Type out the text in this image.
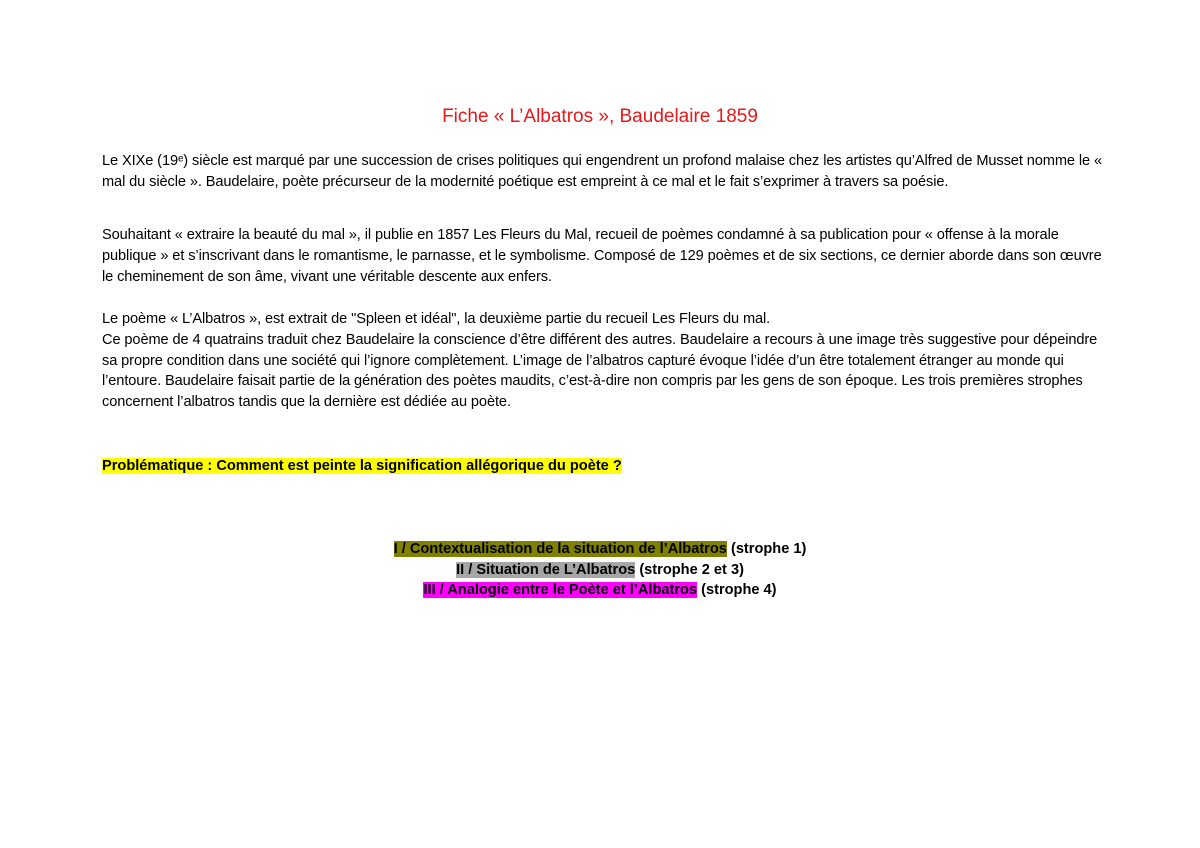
Fiche « L’Albatros », Baudelaire 1859
Le XIXe (19ᵉ) siècle est marqué par une succession de crises politiques qui engendrent un profond malaise chez les artistes qu’Alfred de Musset nomme le « mal du siècle ». Baudelaire, poète précurseur de la modernité poétique est empreint à ce mal et le fait s’exprimer à travers sa poésie.
Souhaitant « extraire la beauté du mal », il publie en 1857 Les Fleurs du Mal, recueil de poèmes condamné à sa publication pour « offense à la morale publique » et s’inscrivant dans le romantisme, le parnasse, et le symbolisme. Composé de 129 poèmes et de six sections, ce dernier aborde dans son œuvre le cheminement de son âme, vivant une véritable descente aux enfers.
Le poème « L’Albatros », est extrait de "Spleen et idéal", la deuxième partie du recueil Les Fleurs du mal.
Ce poème de 4 quatrains traduit chez Baudelaire la conscience d’être différent des autres. Baudelaire a recours à une image très suggestive pour dépeindre sa propre condition dans une société qui l’ignore complètement. L’image de l’albatros capturé évoque l’idée d’un être totalement étranger au monde qui l’entoure. Baudelaire faisait partie de la génération des poètes maudits, c’est-à-dire non compris par les gens de son époque. Les trois premières strophes concernent l’albatros tandis que la dernière est dédiée au poète.
Problématique : Comment est peinte la signification allégorique du poète ?
I / Contextualisation de la situation de l’Albatros (strophe 1)
II / Situation de L’Albatros (strophe 2 et 3)
III / Analogie entre le Poète et l’Albatros (strophe 4)
